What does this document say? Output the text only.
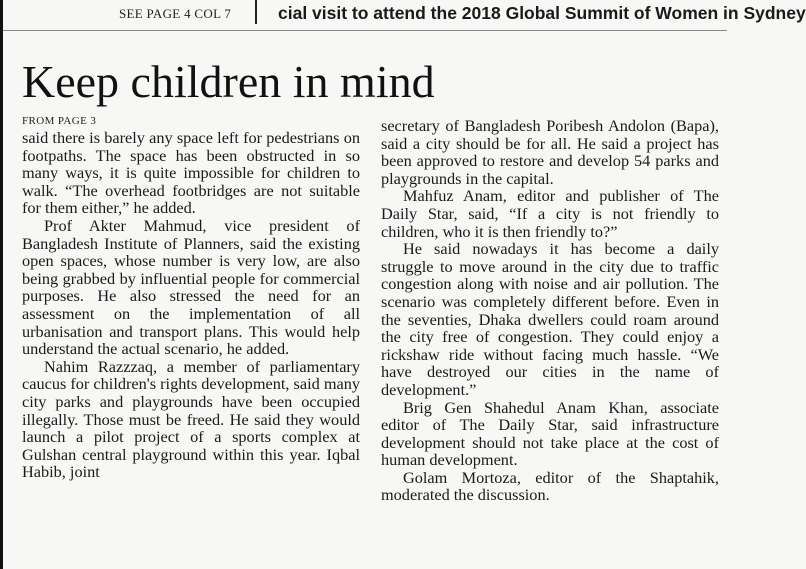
SEE PAGE 4 COL 7	cial visit to attend the 2018 Global Summit of Women in Sydney
Keep children in mind
FROM PAGE 3

said there is barely any space left for pedestrians on footpaths. The space has been obstructed in so many ways, it is quite impossible for children to walk. “The overhead footbridges are not suitable for them either,” he added.

Prof Akter Mahmud, vice president of Bangladesh Institute of Planners, said the existing open spaces, whose number is very low, are also being grabbed by influential people for commercial purposes. He also stressed the need for an assessment on the implementation of all urbanisation and transport plans. This would help understand the actual scenario, he added.

Nahim Razzzaq, a member of parliamentary caucus for children's rights development, said many city parks and playgrounds have been occupied illegally. Those must be freed. He said they would launch a pilot project of a sports complex at Gulshan central playground within this year. Iqbal Habib, joint

secretary of Bangladesh Poribesh Andolon (Bapa), said a city should be for all. He said a project has been approved to restore and develop 54 parks and playgrounds in the capital.

Mahfuz Anam, editor and publisher of The Daily Star, said, “If a city is not friendly to children, who it is then friendly to?”

He said nowadays it has become a daily struggle to move around in the city due to traffic congestion along with noise and air pollution. The scenario was completely different before. Even in the seventies, Dhaka dwellers could roam around the city free of congestion. They could enjoy a rickshaw ride without facing much hassle. “We have destroyed our cities in the name of development.”

Brig Gen Shahedul Anam Khan, associate editor of The Daily Star, said infrastructure development should not take place at the cost of human development.

Golam Mortoza, editor of the Shaptahik, moderated the discussion.
